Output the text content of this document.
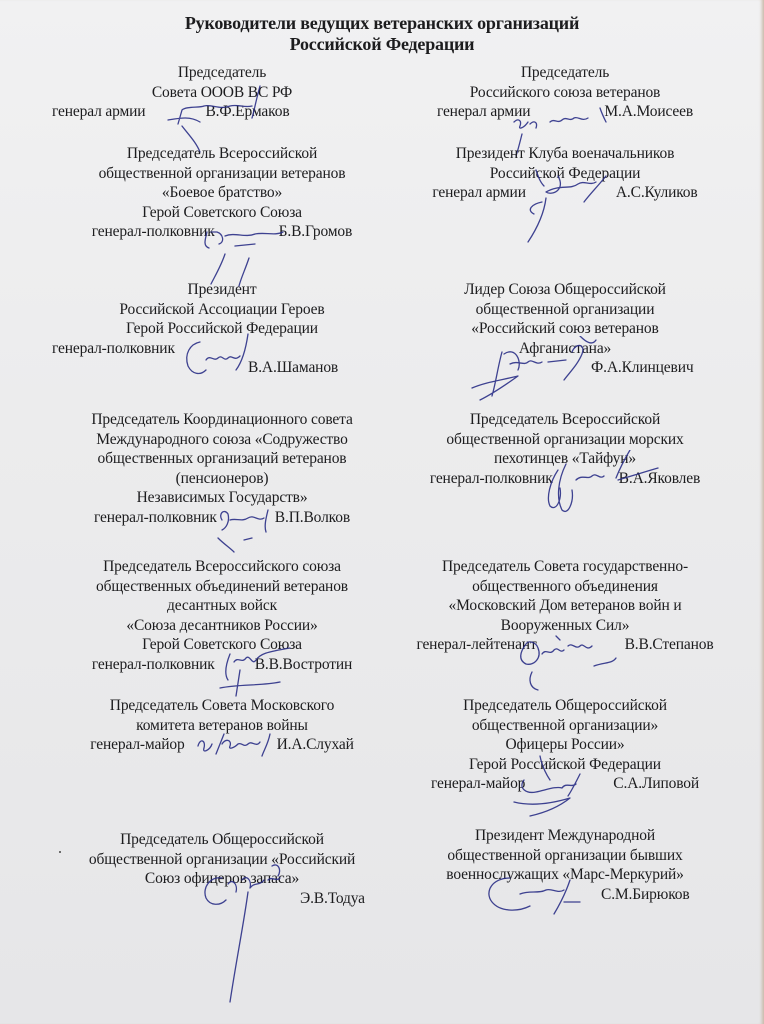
Руководители ведущих ветеранских организаций
Российской Федерации
Председатель
Совета ОООВ ВС РФ
генерал армии	В.Ф.Ермаков
Председатель Всероссийской
общественной организации ветеранов
«Боевое братство»
Герой Советского Союза
генерал-полковник	Б.В.Громов
Президент
Российской Ассоциации Героев
Герой Российской Федерации
генерал-полковник
В.А.Шаманов
Председатель Координационного совета
Международного союза «Содружество
общественных организаций ветеранов
(пенсионеров)
Независимых Государств»
генерал-полковник	В.П.Волков
Председатель Всероссийского союза
общественных объединений ветеранов
десантных войск
«Союза десантников России»
Герой Советского Союза
генерал-полковник	В.В.Востротин
Председатель Совета Московского
комитета ветеранов войны
генерал-майор	И.А.Слухай
Председатель Общероссийской
общественной организации «Российский
Союз офицеров запаса»
Э.В.Тодуа
Председатель
Российского союза ветеранов
генерал армии	М.А.Моисеев
Президент Клуба военачальников
Российской Федерации
генерал армии	А.С.Куликов
Лидер Союза Общероссийской
общественной организации
«Российский союз ветеранов
Афганистана»
Ф.А.Клинцевич
Председатель Всероссийской
общественной организации морских
пехотинцев «Тайфун»
генерал-полковник	В.А.Яковлев
Председатель Совета государственно-
общественного объединения
«Московский Дом ветеранов войн и
Вооруженных Сил»
генерал-лейтенант	В.В.Степанов
Председатель Общероссийской
общественной организации»
Офицеры России»
Герой Российской Федерации
генерал-майор	С.А.Липовой
Президент Международной
общественной организации бывших
военнослужащих «Марс-Меркурий»
С.М.Бирюков
